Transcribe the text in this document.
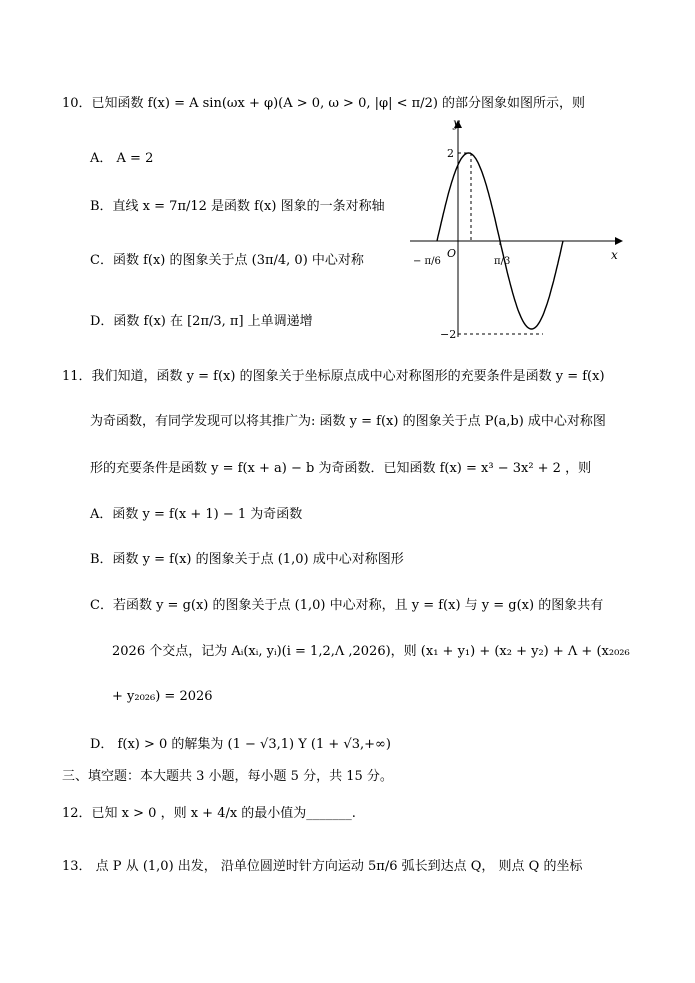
10．已知函数 f(x) = A sin(ωx + φ)(A > 0, ω > 0, |φ| < π/2) 的部分图象如图所示，则
A． A = 2
B．直线 x = 7π/12 是函数 f(x) 图象的一条对称轴
C．函数 f(x) 的图象关于点 (3π/4, 0) 中心对称
D．函数 f(x) 在 [2π/3, π] 上单调递增
y
x
O
2
−2
− π/6	π/3
11．我们知道，函数 y = f(x) 的图象关于坐标原点成中心对称图形的充要条件是函数 y = f(x)
为奇函数，有同学发现可以将其推广为: 函数 y = f(x) 的图象关于点 P(a,b) 成中心对称图
形的充要条件是函数 y = f(x + a) − b 为奇函数．已知函数 f(x) = x³ − 3x² + 2 ，则
A．函数 y = f(x + 1) − 1 为奇函数
B．函数 y = f(x) 的图象关于点 (1,0) 成中心对称图形
C．若函数 y = g(x) 的图象关于点 (1,0) 中心对称，且 y = f(x) 与 y = g(x) 的图象共有
2026 个交点，记为 Aᵢ(xᵢ, yᵢ)(i = 1,2,Λ ,2026)，则 (x₁ + y₁) + (x₂ + y₂) + Λ + (x₂₀₂₆
+ y₂₀₂₆) = 2026
D． f(x) > 0 的解集为 (1 − √3,1) Y (1 + √3,+∞)
三、填空题：本大题共 3 小题，每小题 5 分，共 15 分。
12．已知 x > 0 ，则 x + 4/x 的最小值为_______.
13． 点 P 从 (1,0) 出发， 沿单位圆逆时针方向运动 5π/6 弧长到达点 Q， 则点 Q 的坐标
